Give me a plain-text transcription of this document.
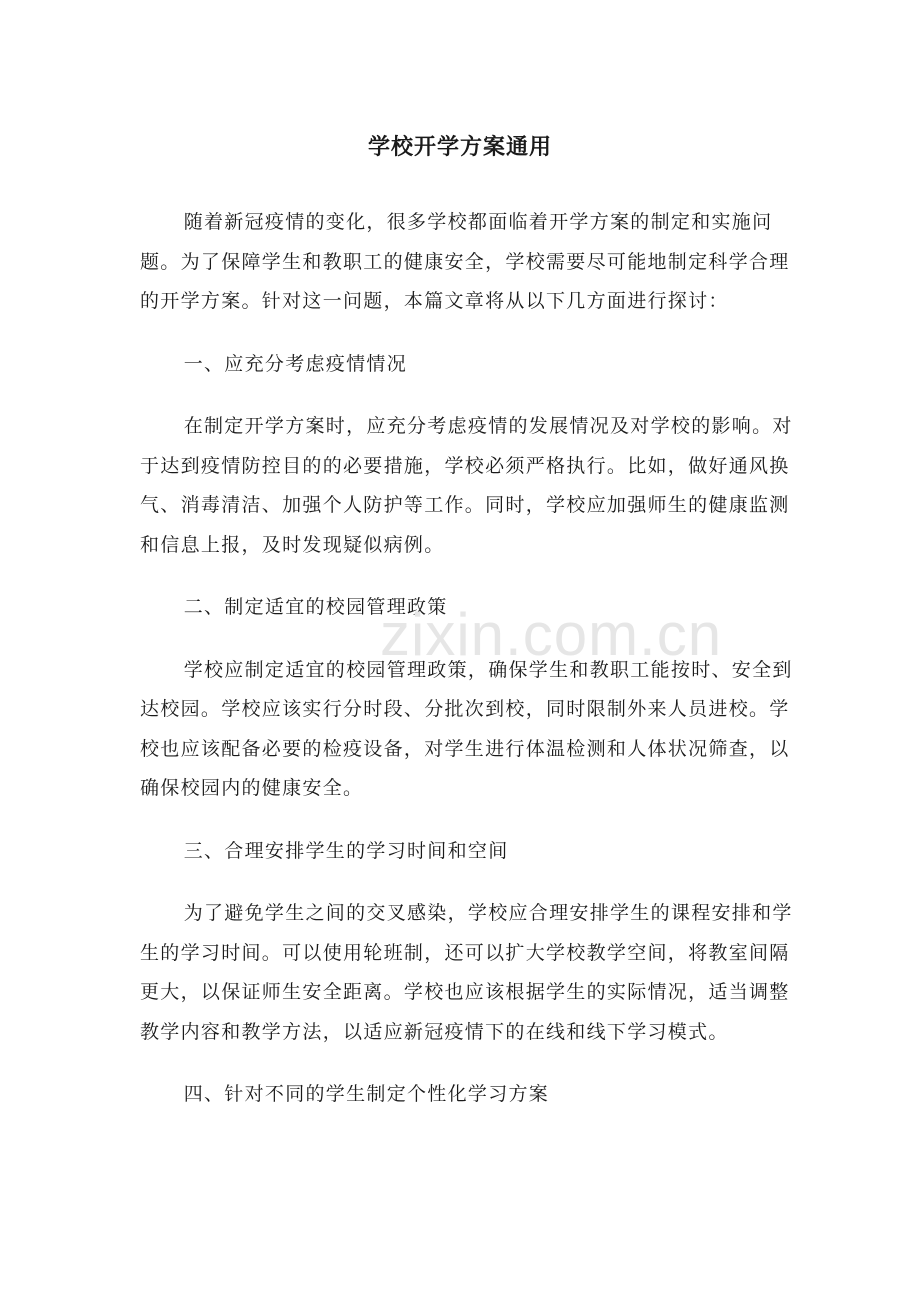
学校开学方案通用

随着新冠疫情的变化，很多学校都面临着开学方案的制定和实施问题。为了保障学生和教职工的健康安全，学校需要尽可能地制定科学合理的开学方案。针对这一问题，本篇文章将从以下几方面进行探讨：

一、应充分考虑疫情情况

在制定开学方案时，应充分考虑疫情的发展情况及对学校的影响。对于达到疫情防控目的的必要措施，学校必须严格执行。比如，做好通风换气、消毒清洁、加强个人防护等工作。同时，学校应加强师生的健康监测和信息上报，及时发现疑似病例。

二、制定适宜的校园管理政策

学校应制定适宜的校园管理政策，确保学生和教职工能按时、安全到达校园。学校应该实行分时段、分批次到校，同时限制外来人员进校。学校也应该配备必要的检疫设备，对学生进行体温检测和人体状况筛查，以确保校园内的健康安全。

三、合理安排学生的学习时间和空间

为了避免学生之间的交叉感染，学校应合理安排学生的课程安排和学生的学习时间。可以使用轮班制，还可以扩大学校教学空间，将教室间隔更大，以保证师生安全距离。学校也应该根据学生的实际情况，适当调整教学内容和教学方法，以适应新冠疫情下的在线和线下学习模式。

四、针对不同的学生制定个性化学习方案

zixin.com.cn
